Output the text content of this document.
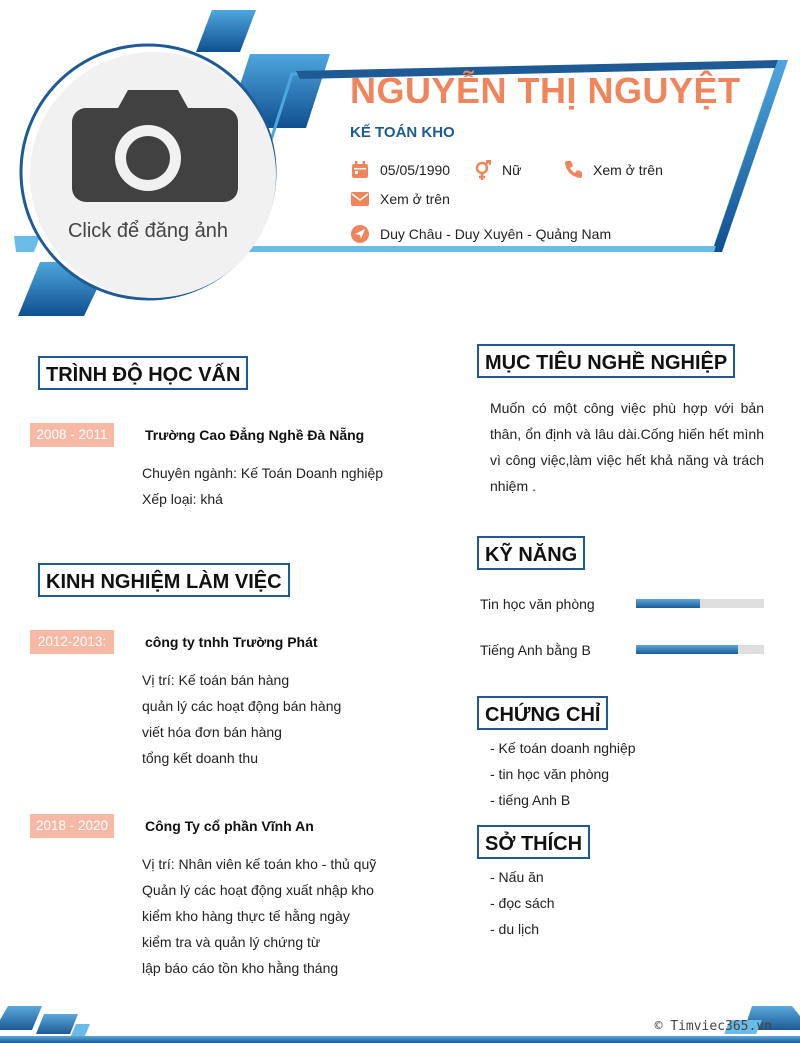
Click để đăng ảnh
NGUYỄN THỊ NGUYỆT
KẾ TOÁN KHO
05/05/1990	Nữ	Xem ở trên
Xem ở trên
Duy Châu - Duy Xuyên - Quảng Nam
TRÌNH ĐỘ HỌC VẤN
2008 - 2011	Trường Cao Đẳng Nghề Đà Nẵng
Chuyên ngành: Kế Toán Doanh nghiệp
Xếp loại: khá
KINH NGHIỆM LÀM VIỆC
2012-2013:	công ty tnhh Trường Phát
Vị trí: Kế toán bán hàng
quản lý các hoạt động bán hàng
viết hóa đơn bán hàng
tổng kết doanh thu
2018 - 2020	Công Ty cổ phần Vĩnh An
Vị trí: Nhân viên kế toán kho - thủ quỹ
Quản lý các hoạt động xuất nhập kho
kiểm kho hàng thực tế hằng ngày
kiểm tra và quản lý chứng từ
lập báo cáo tồn kho hằng tháng
MỤC TIÊU NGHỀ NGHIỆP
Muốn có một công việc phù hợp với bản thân, ổn định và lâu dài.Cống hiến hết mình vì công việc,làm việc hết khả năng và trách nhiệm .
KỸ NĂNG
Tin học văn phòng
Tiếng Anh bằng B
CHỨNG CHỈ
- Kế toán doanh nghiệp
- tin học văn phòng
- tiếng Anh B
SỞ THÍCH
- Nấu ăn
- đọc sách
- du lịch
© Timviec365.vn
